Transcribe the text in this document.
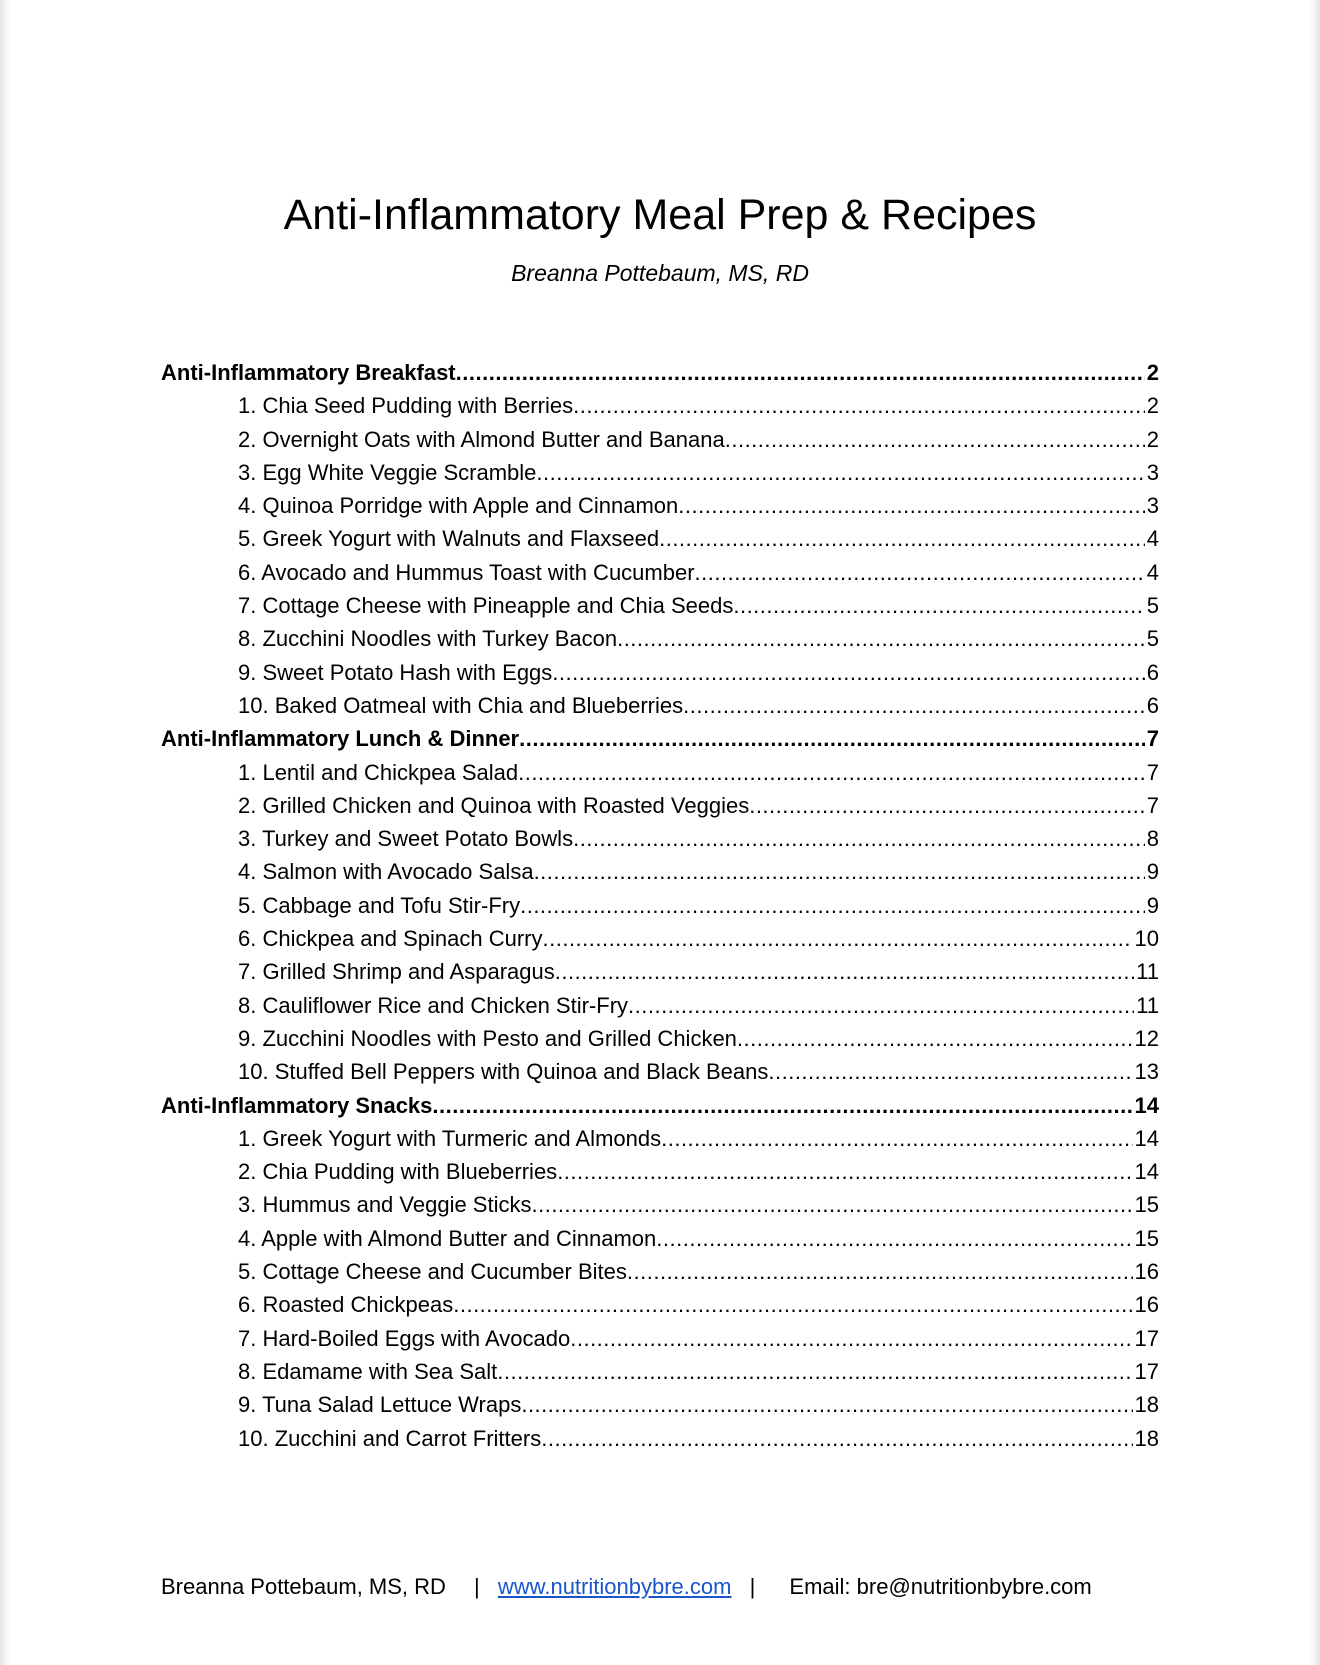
Anti-Inflammatory Meal Prep & Recipes
Breanna Pottebaum, MS, RD
Anti-Inflammatory Breakfast .....	2
1. Chia Seed Pudding with Berries .....	2
2. Overnight Oats with Almond Butter and Banana .....	2
3. Egg White Veggie Scramble .....	3
4. Quinoa Porridge with Apple and Cinnamon .....	3
5. Greek Yogurt with Walnuts and Flaxseed .....	4
6. Avocado and Hummus Toast with Cucumber .....	4
7. Cottage Cheese with Pineapple and Chia Seeds .....	5
8. Zucchini Noodles with Turkey Bacon .....	5
9. Sweet Potato Hash with Eggs .....	6
10. Baked Oatmeal with Chia and Blueberries .....	6
Anti-Inflammatory Lunch & Dinner .....	7
1. Lentil and Chickpea Salad .....	7
2. Grilled Chicken and Quinoa with Roasted Veggies .....	7
3. Turkey and Sweet Potato Bowls .....	8
4. Salmon with Avocado Salsa .....	9
5. Cabbage and Tofu Stir-Fry .....	9
6. Chickpea and Spinach Curry .....	10
7. Grilled Shrimp and Asparagus .....	11
8. Cauliflower Rice and Chicken Stir-Fry .....	11
9. Zucchini Noodles with Pesto and Grilled Chicken .....	12
10. Stuffed Bell Peppers with Quinoa and Black Beans .....	13
Anti-Inflammatory Snacks .....	14
1. Greek Yogurt with Turmeric and Almonds .....	14
2. Chia Pudding with Blueberries .....	14
3. Hummus and Veggie Sticks .....	15
4. Apple with Almond Butter and Cinnamon .....	15
5. Cottage Cheese and Cucumber Bites .....	16
6. Roasted Chickpeas .....	16
7. Hard-Boiled Eggs with Avocado .....	17
8. Edamame with Sea Salt .....	17
9. Tuna Salad Lettuce Wraps .....	18
10. Zucchini and Carrot Fritters .....	18
Breanna Pottebaum, MS, RD | www.nutritionbybre.com | Email: bre@nutritionbybre.com
